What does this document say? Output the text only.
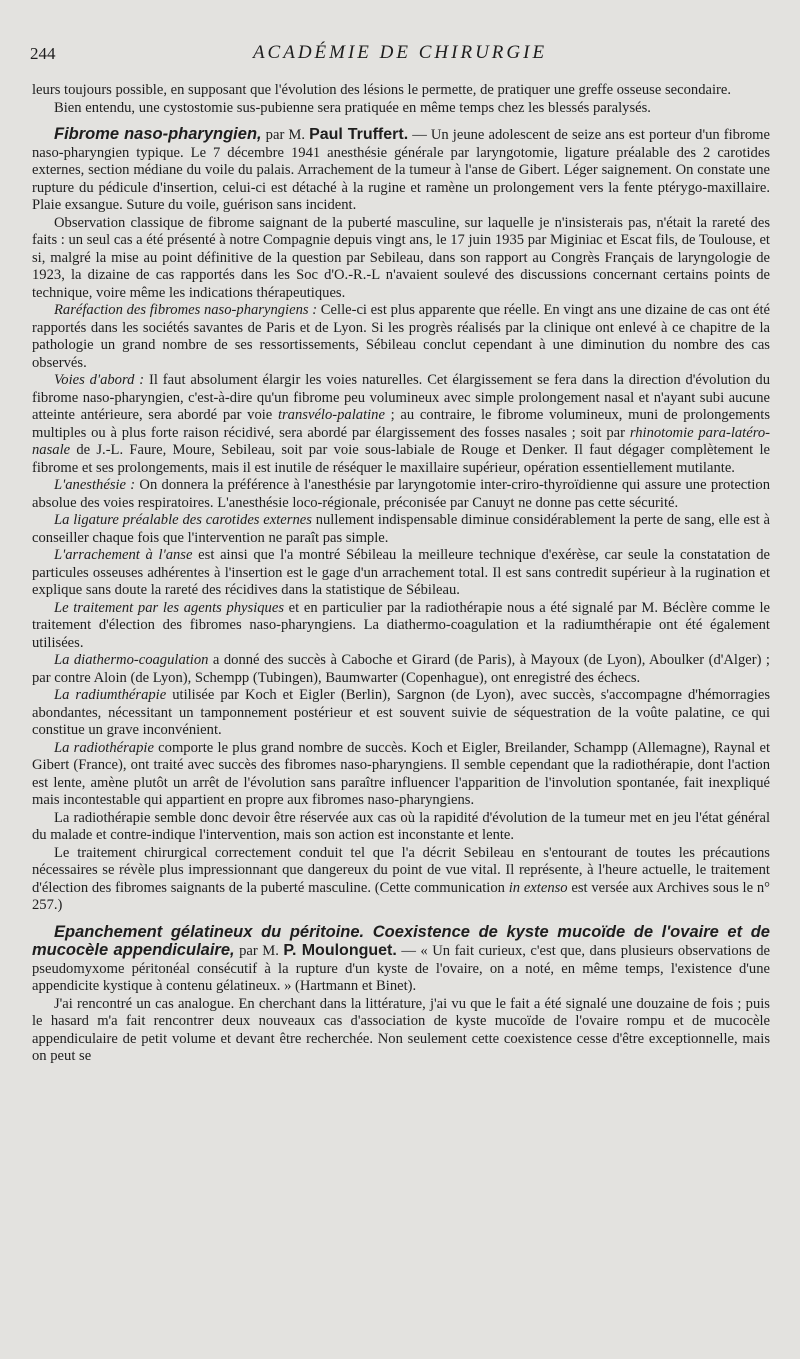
244	ACADÉMIE DE CHIRURGIE

leurs toujours possible, en supposant que l'évolution des lésions le permette, de pratiquer une greffe osseuse secondaire.

Bien entendu, une cystostomie sus-pubienne sera pratiquée en même temps chez les blessés paralysés.

Fibrome naso-pharyngien, par M. Paul Truffert. — Un jeune adolescent de seize ans est porteur d'un fibrome naso-pharyngien typique. Le 7 décembre 1941 anesthésie générale par laryngotomie, ligature préalable des 2 carotides externes, section médiane du voile du palais. Arrachement de la tumeur à l'anse de Gibert. Léger saignement. On constate une rupture du pédicule d'insertion, celui-ci est détaché à la rugine et ramène un prolongement vers la fente ptérygo-maxillaire. Plaie exsangue. Suture du voile, guérison sans incident.

Observation classique de fibrome saignant de la puberté masculine, sur laquelle je n'insisterais pas, n'était la rareté des faits : un seul cas a été présenté à notre Compagnie depuis vingt ans, le 17 juin 1935 par Miginiac et Escat fils, de Toulouse, et si, malgré la mise au point définitive de la question par Sebileau, dans son rapport au Congrès Français de laryngologie de 1923, la dizaine de cas rapportés dans les Soc d'O.-R.-L n'avaient soulevé des discussions concernant certains points de technique, voire même les indications thérapeutiques.

Raréfaction des fibromes naso-pharyngiens : Celle-ci est plus apparente que réelle. En vingt ans une dizaine de cas ont été rapportés dans les sociétés savantes de Paris et de Lyon. Si les progrès réalisés par la clinique ont enlevé à ce chapitre de la pathologie un grand nombre de ses ressortissements, Sébileau conclut cependant à une diminution du nombre des cas observés.

Voies d'abord : Il faut absolument élargir les voies naturelles. Cet élargissement se fera dans la direction d'évolution du fibrome naso-pharyngien, c'est-à-dire qu'un fibrome peu volumineux avec simple prolongement nasal et n'ayant subi aucune atteinte antérieure, sera abordé par voie transvélo-palatine ; au contraire, le fibrome volumineux, muni de prolongements multiples ou à plus forte raison récidivé, sera abordé par élargissement des fosses nasales ; soit par rhinotomie para-latéro-nasale de J.-L. Faure, Moure, Sebileau, soit par voie sous-labiale de Rouge et Denker. Il faut dégager complètement le fibrome et ses prolongements, mais il est inutile de réséquer le maxillaire supérieur, opération essentiellement mutilante.

L'anesthésie : On donnera la préférence à l'anesthésie par laryngotomie inter-criro-thyroïdienne qui assure une protection absolue des voies respiratoires. L'anesthésie loco-régionale, préconisée par Canuyt ne donne pas cette sécurité.

La ligature préalable des carotides externes nullement indispensable diminue considérablement la perte de sang, elle est à conseiller chaque fois que l'intervention ne paraît pas simple.

L'arrachement à l'anse est ainsi que l'a montré Sébileau la meilleure technique d'exérèse, car seule la constatation de particules osseuses adhérentes à l'insertion est le gage d'un arrachement total. Il est sans contredit supérieur à la rugination et explique sans doute la rareté des récidives dans la statistique de Sébileau.

Le traitement par les agents physiques et en particulier par la radiothérapie nous a été signalé par M. Béclère comme le traitement d'élection des fibromes naso-pharyngiens. La diathermo-coagulation et la radiumthérapie ont été également utilisées.

La diathermo-coagulation a donné des succès à Caboche et Girard (de Paris), à Mayoux (de Lyon), Aboulker (d'Alger) ; par contre Aloin (de Lyon), Schempp (Tubingen), Baumwarter (Copenhague), ont enregistré des échecs.

La radiumthérapie utilisée par Koch et Eigler (Berlin), Sargnon (de Lyon), avec succès, s'accompagne d'hémorragies abondantes, nécessitant un tamponnement postérieur et est souvent suivie de séquestration de la voûte palatine, ce qui constitue un grave inconvénient.

La radiothérapie comporte le plus grand nombre de succès. Koch et Eigler, Breilander, Schampp (Allemagne), Raynal et Gibert (France), ont traité avec succès des fibromes naso-pharyngiens. Il semble cependant que la radiothérapie, dont l'action est lente, amène plutôt un arrêt de l'évolution sans paraître influencer l'apparition de l'involution spontanée, fait inexpliqué mais incontestable qui appartient en propre aux fibromes naso-pharyngiens.

La radiothérapie semble donc devoir être réservée aux cas où la rapidité d'évolution de la tumeur met en jeu l'état général du malade et contre-indique l'intervention, mais son action est inconstante et lente.

Le traitement chirurgical correctement conduit tel que l'a décrit Sebileau en s'entourant de toutes les précautions nécessaires se révèle plus impressionnant que dangereux du point de vue vital. Il représente, à l'heure actuelle, le traitement d'élection des fibromes saignants de la puberté masculine. (Cette communication in extenso est versée aux Archives sous le n° 257.)

Epanchement gélatineux du péritoine. Coexistence de kyste mucoïde de l'ovaire et de mucocèle appendiculaire, par M. P. Moulonguet. — « Un fait curieux, c'est que, dans plusieurs observations de pseudomyxome péritonéal consécutif à la rupture d'un kyste de l'ovaire, on a noté, en même temps, l'existence d'une appendicite kystique à contenu gélatineux. » (Hartmann et Binet).

J'ai rencontré un cas analogue. En cherchant dans la littérature, j'ai vu que le fait a été signalé une douzaine de fois ; puis le hasard m'a fait rencontrer deux nouveaux cas d'association de kyste mucoïde de l'ovaire rompu et de mucocèle appendiculaire de petit volume et devant être recherchée. Non seulement cette coexistence cesse d'être exceptionnelle, mais on peut se
